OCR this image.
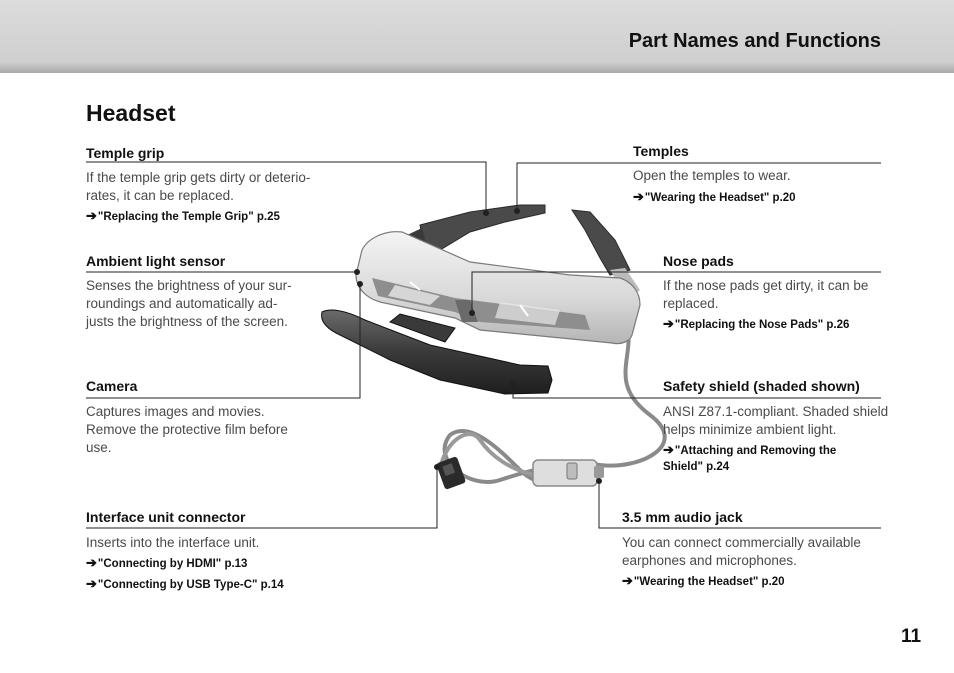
Part Names and Functions
Headset
Temple grip
If the temple grip gets dirty or deterio-rates, it can be replaced.
➔"Replacing the Temple Grip" p.25
Ambient light sensor
Senses the brightness of your sur-roundings and automatically ad-justs the brightness of the screen.
Camera
Captures images and movies. Remove the protective film before use.
Interface unit connector
Inserts into the interface unit.
➔"Connecting by HDMI" p.13
➔"Connecting by USB Type-C" p.14
Temples
Open the temples to wear.
➔"Wearing the Headset" p.20
Nose pads
If the nose pads get dirty, it can be replaced.
➔"Replacing the Nose Pads" p.26
Safety shield (shaded shown)
ANSI Z87.1-compliant. Shaded shield helps minimize ambient light.
➔"Attaching and Removing the Shield" p.24
3.5 mm audio jack
You can connect commercially available earphones and microphones.
➔"Wearing the Headset" p.20
11
